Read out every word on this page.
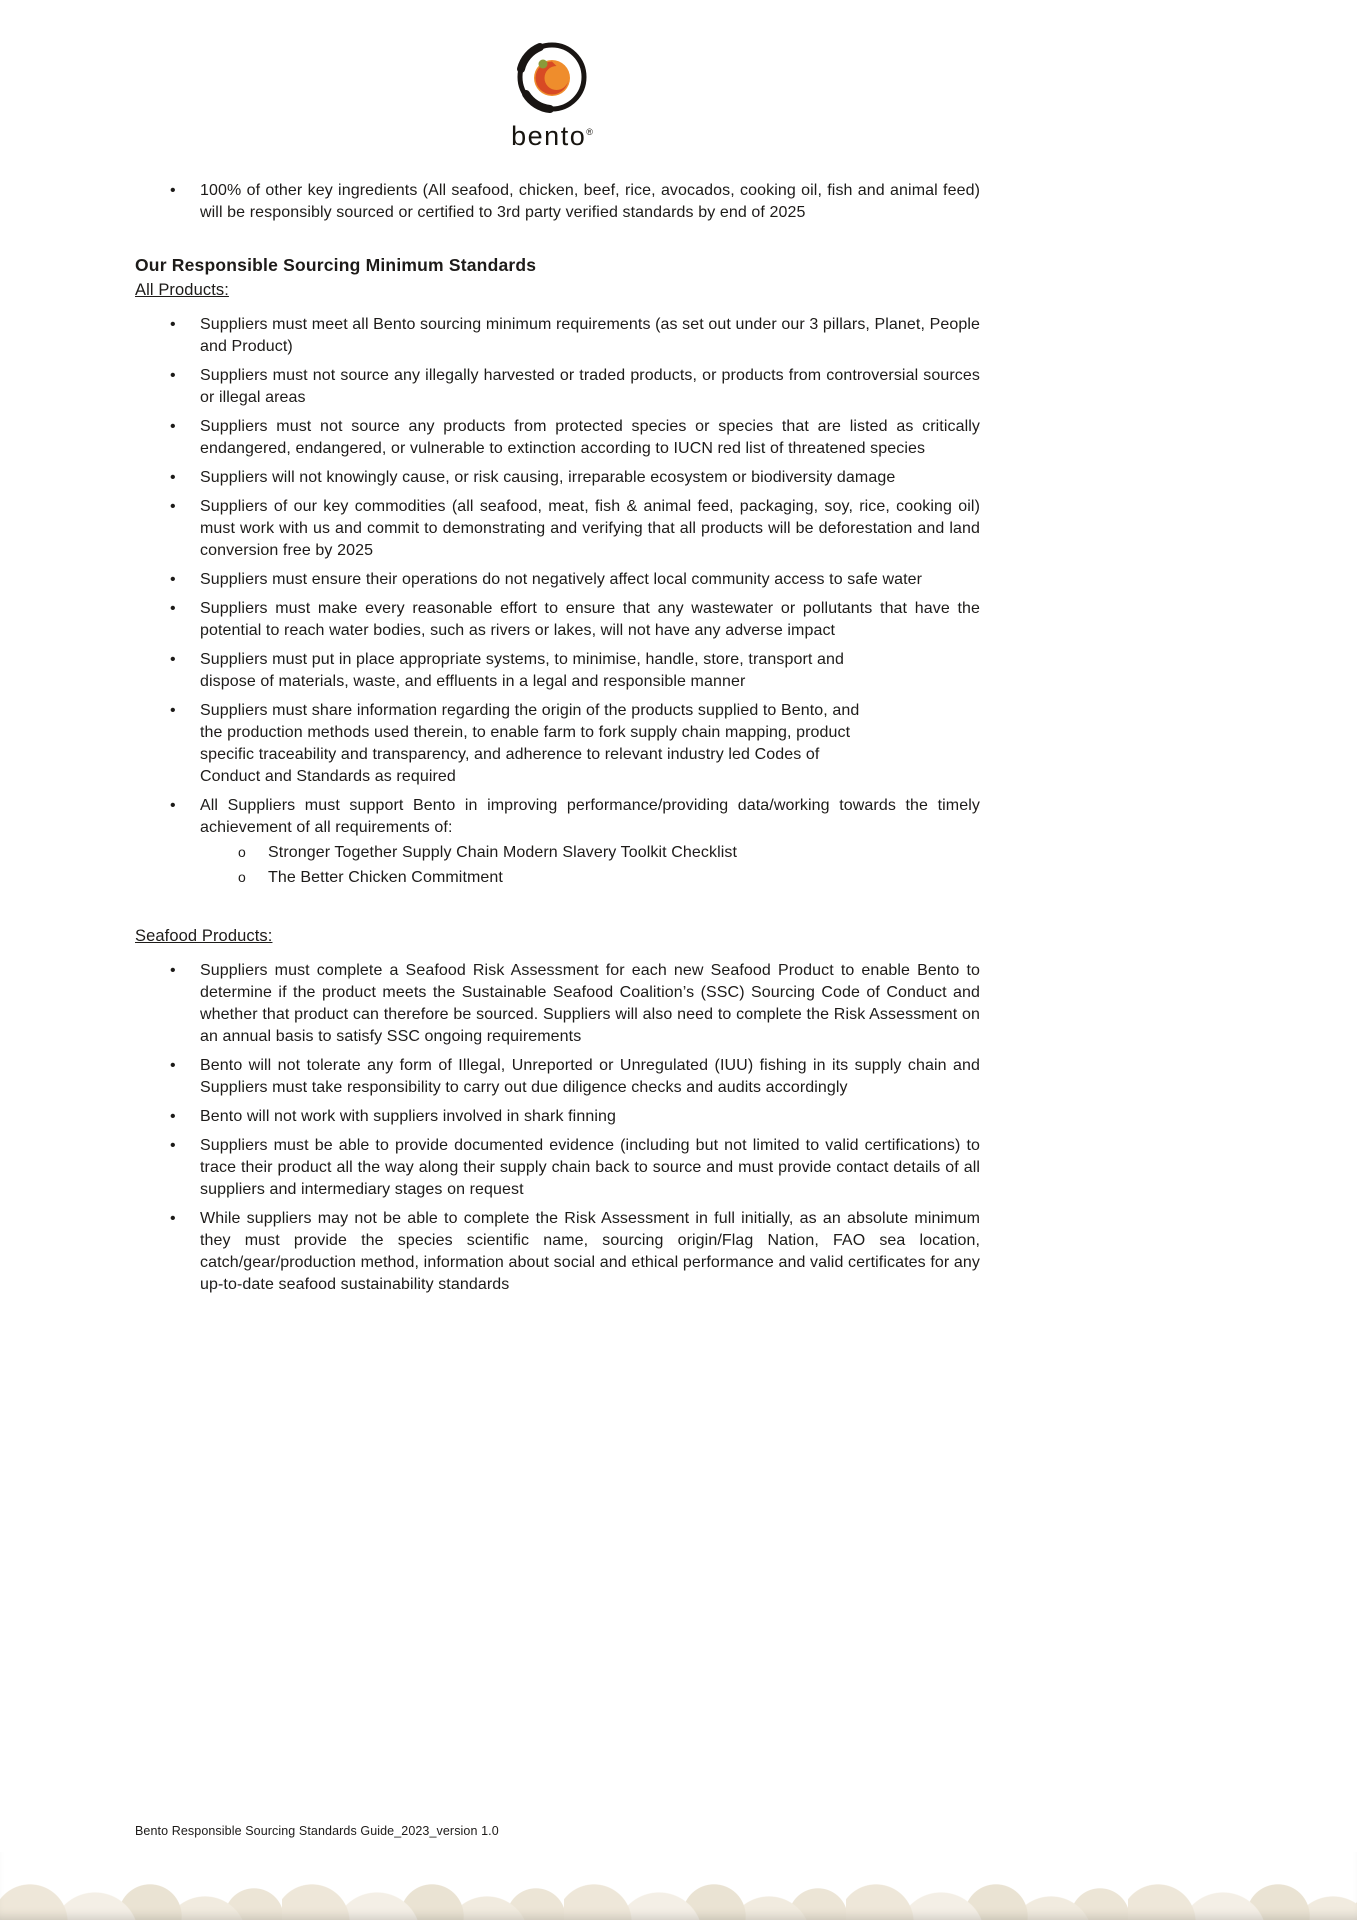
bento®
• 100% of other key ingredients (All seafood, chicken, beef, rice, avocados, cooking oil, fish and animal feed) will be responsibly sourced or certified to 3rd party verified standards by end of 2025
Our Responsible Sourcing Minimum Standards
All Products:
• Suppliers must meet all Bento sourcing minimum requirements (as set out under our 3 pillars, Planet, People and Product)
• Suppliers must not source any illegally harvested or traded products, or products from controversial sources or illegal areas
• Suppliers must not source any products from protected species or species that are listed as critically endangered, endangered, or vulnerable to extinction according to IUCN red list of threatened species
• Suppliers will not knowingly cause, or risk causing, irreparable ecosystem or biodiversity damage
• Suppliers of our key commodities (all seafood, meat, fish & animal feed, packaging, soy, rice, cooking oil) must work with us and commit to demonstrating and verifying that all products will be deforestation and land conversion free by 2025
• Suppliers must ensure their operations do not negatively affect local community access to safe water
• Suppliers must make every reasonable effort to ensure that any wastewater or pollutants that have the potential to reach water bodies, such as rivers or lakes, will not have any adverse impact
• Suppliers must put in place appropriate systems, to minimise, handle, store, transport and dispose of materials, waste, and effluents in a legal and responsible manner
• Suppliers must share information regarding the origin of the products supplied to Bento, and the production methods used therein, to enable farm to fork supply chain mapping, product specific traceability and transparency, and adherence to relevant industry led Codes of Conduct and Standards as required
• All Suppliers must support Bento in improving performance/providing data/working towards the timely achievement of all requirements of:
o Stronger Together Supply Chain Modern Slavery Toolkit Checklist
o The Better Chicken Commitment
Seafood Products:
• Suppliers must complete a Seafood Risk Assessment for each new Seafood Product to enable Bento to determine if the product meets the Sustainable Seafood Coalition’s (SSC) Sourcing Code of Conduct and whether that product can therefore be sourced. Suppliers will also need to complete the Risk Assessment on an annual basis to satisfy SSC ongoing requirements
• Bento will not tolerate any form of Illegal, Unreported or Unregulated (IUU) fishing in its supply chain and Suppliers must take responsibility to carry out due diligence checks and audits accordingly
• Bento will not work with suppliers involved in shark finning
• Suppliers must be able to provide documented evidence (including but not limited to valid certifications) to trace their product all the way along their supply chain back to source and must provide contact details of all suppliers and intermediary stages on request
• While suppliers may not be able to complete the Risk Assessment in full initially, as an absolute minimum they must provide the species scientific name, sourcing origin/Flag Nation, FAO sea location, catch/gear/production method, information about social and ethical performance and valid certificates for any up-to-date seafood sustainability standards
Bento Responsible Sourcing Standards Guide_2023_version 1.0
